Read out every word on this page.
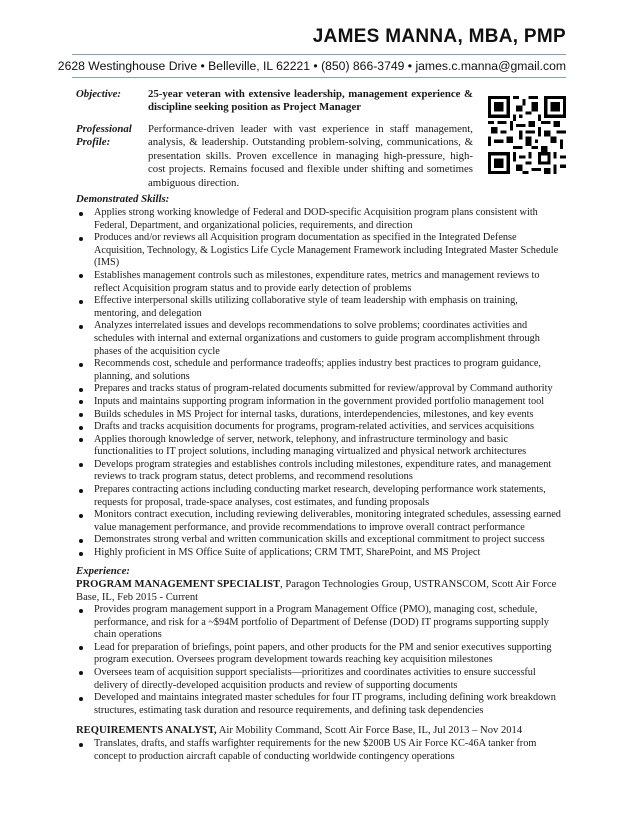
JAMES MANNA, MBA, PMP
2628 Westinghouse Drive • Belleville, IL 62221 • (850) 866-3749 • james.c.manna@gmail.com
Objective:	25-year veteran with extensive leadership, management experience & discipline seeking position as Project Manager
Professional
Profile:
Performance-driven leader with vast experience in staff management, analysis, & leadership. Outstanding problem-solving, communications, & presentation skills. Proven excellence in managing high-pressure, high-cost projects. Remains focused and flexible under shifting and sometimes ambiguous direction.
Demonstrated Skills:
Applies strong working knowledge of Federal and DOD-specific Acquisition program plans consistent with Federal, Department, and organizational policies, requirements, and direction
Produces and/or reviews all Acquisition program documentation as specified in the Integrated Defense Acquisition, Technology, & Logistics Life Cycle Management Framework including Integrated Master Schedule (IMS)
Establishes management controls such as milestones, expenditure rates, metrics and management reviews to reflect Acquisition program status and to provide early detection of problems
Effective interpersonal skills utilizing collaborative style of team leadership with emphasis on training, mentoring, and delegation
Analyzes interrelated issues and develops recommendations to solve problems; coordinates activities and schedules with internal and external organizations and customers to guide program accomplishment through phases of the acquisition cycle
Recommends cost, schedule and performance tradeoffs; applies industry best practices to program guidance, planning, and solutions
Prepares and tracks status of program-related documents submitted for review/approval by Command authority
Inputs and maintains supporting program information in the government provided portfolio management tool
Builds schedules in MS Project for internal tasks, durations, interdependencies, milestones, and key events
Drafts and tracks acquisition documents for programs, program-related activities, and services acquisitions
Applies thorough knowledge of server, network, telephony, and infrastructure terminology and basic functionalities to IT project solutions, including managing virtualized and physical network architectures
Develops program strategies and establishes controls including milestones, expenditure rates, and management reviews to track program status, detect problems, and recommend resolutions
Prepares contracting actions including conducting market research, developing performance work statements, requests for proposal, trade-space analyses, cost estimates, and funding proposals
Monitors contract execution, including reviewing deliverables, monitoring integrated schedules, assessing earned value management performance, and provide recommendations to improve overall contract performance
Demonstrates strong verbal and written communication skills and exceptional commitment to project success
Highly proficient in MS Office Suite of applications; CRM TMT, SharePoint, and MS Project
Experience:
PROGRAM MANAGEMENT SPECIALIST, Paragon Technologies Group, USTRANSCOM, Scott Air Force Base, IL, Feb 2015 - Current
Provides program management support in a Program Management Office (PMO), managing cost, schedule, performance, and risk for a ~$94M portfolio of Department of Defense (DOD) IT programs supporting supply chain operations
Lead for preparation of briefings, point papers, and other products for the PM and senior executives supporting program execution. Oversees program development towards reaching key acquisition milestones
Oversees team of acquisition support specialists—prioritizes and coordinates activities to ensure successful delivery of directly-developed acquisition products and review of supporting documents
Developed and maintains integrated master schedules for four IT programs, including defining work breakdown structures, estimating task duration and resource requirements, and defining task dependencies
REQUIREMENTS ANALYST, Air Mobility Command, Scott Air Force Base, IL, Jul 2013 – Nov 2014
Translates, drafts, and staffs warfighter requirements for the new $200B US Air Force KC-46A tanker from concept to production aircraft capable of conducting worldwide contingency operations
